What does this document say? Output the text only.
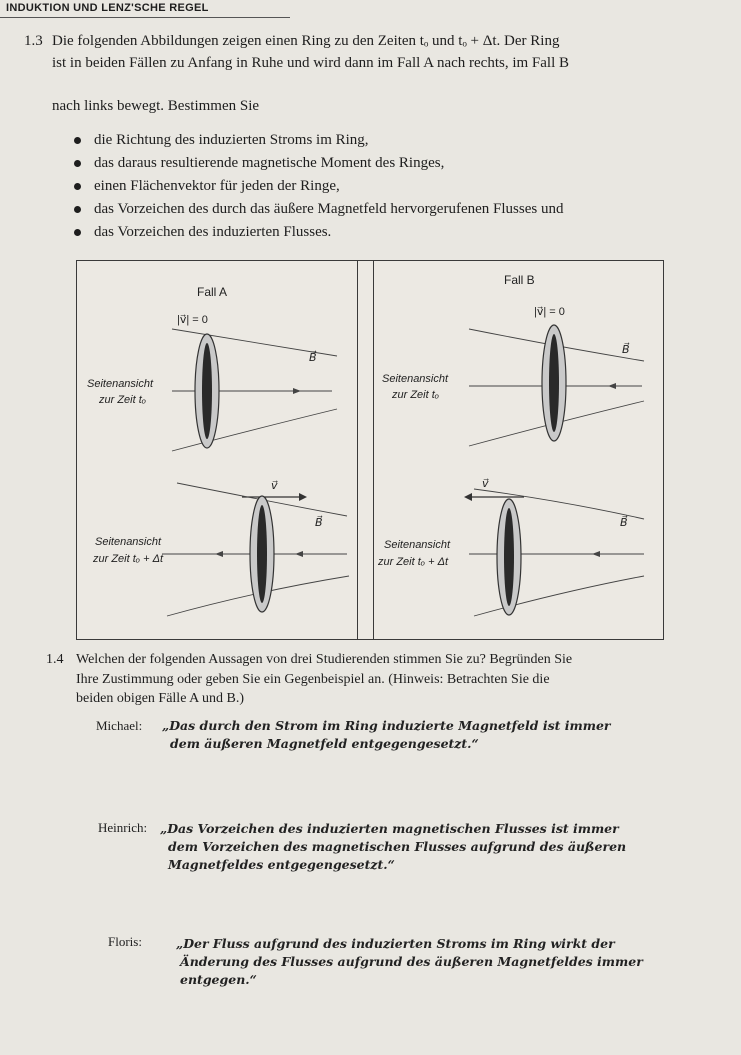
INDUKTION UND LENZ'SCHE REGEL
1.3 Die folgenden Abbildungen zeigen einen Ring zu den Zeiten tₒ und tₒ + Δt. Der Ring
ist in beiden Fällen zu Anfang in Ruhe und wird dann im Fall A nach rechts, im Fall B
nach links bewegt. Bestimmen Sie
die Richtung des induzierten Stroms im Ring,
das daraus resultierende magnetische Moment des Ringes,
einen Flächenvektor für jeden der Ringe,
das Vorzeichen des durch das äußere Magnetfeld hervorgerufenen Flusses und
das Vorzeichen des induzierten Flusses.
Fall A
|v⃗| = 0
B⃗
Seitenansicht
zur Zeit tₒ
v⃗
B⃗
Seitenansicht
zur Zeit tₒ + Δt
Fall B
|v⃗| = 0
B⃗
Seitenansicht
zur Zeit tₒ
v⃗
B⃗
Seitenansicht
zur Zeit tₒ + Δt
1.4 Welchen der folgenden Aussagen von drei Studierenden stimmen Sie zu? Begründen Sie
Ihre Zustimmung oder geben Sie ein Gegenbeispiel an. (Hinweis: Betrachten Sie die
beiden obigen Fälle A und B.)
Michael: „Das durch den Strom im Ring induzierte Magnetfeld ist immer
dem äußeren Magnetfeld entgegengesetzt.“
Heinrich: „Das Vorzeichen des induzierten magnetischen Flusses ist immer
dem Vorzeichen des magnetischen Flusses aufgrund des äußeren
Magnetfeldes entgegengesetzt.“
Floris:	„Der Fluss aufgrund des induzierten Stroms im Ring wirkt der
Änderung des Flusses aufgrund des äußeren Magnetfeldes immer
entgegen.“
